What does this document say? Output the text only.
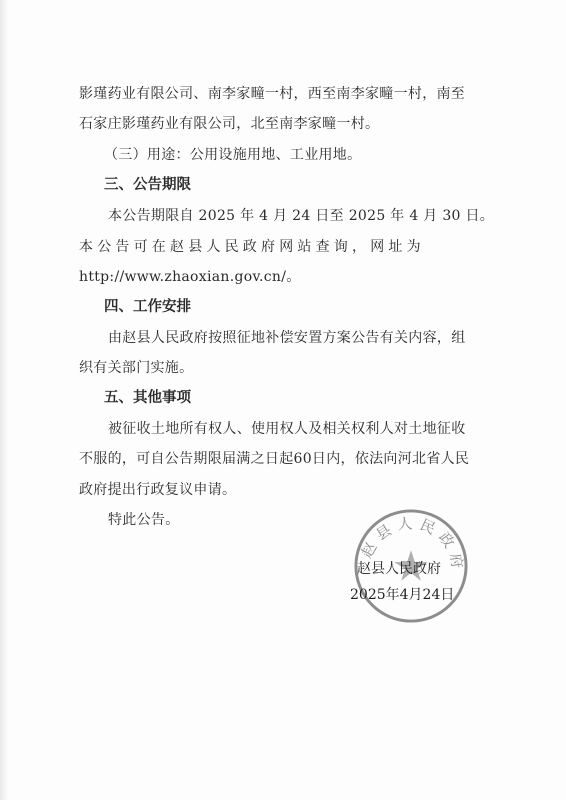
影瑾药业有限公司、南李家疃一村，西至南李家疃一村，南至
石家庄影瑾药业有限公司，北至南李家疃一村。
（三）用途：公用设施用地、工业用地。
三、公告期限
本公告期限自 2025 年 4 月 24 日至 2025 年 4 月 30 日。
本公告可在赵县人民政府网站查询，网址为
http://www.zhaoxian.gov.cn/。
四、工作安排
由赵县人民政府按照征地补偿安置方案公告有关内容，组
织有关部门实施。
五、其他事项
被征收土地所有权人、使用权人及相关权利人对土地征收
不服的，可自公告期限届满之日起60日内，依法向河北省人民
政府提出行政复议申请。
特此公告。
赵县人民政府
赵县人民政府
2025年4月24日
